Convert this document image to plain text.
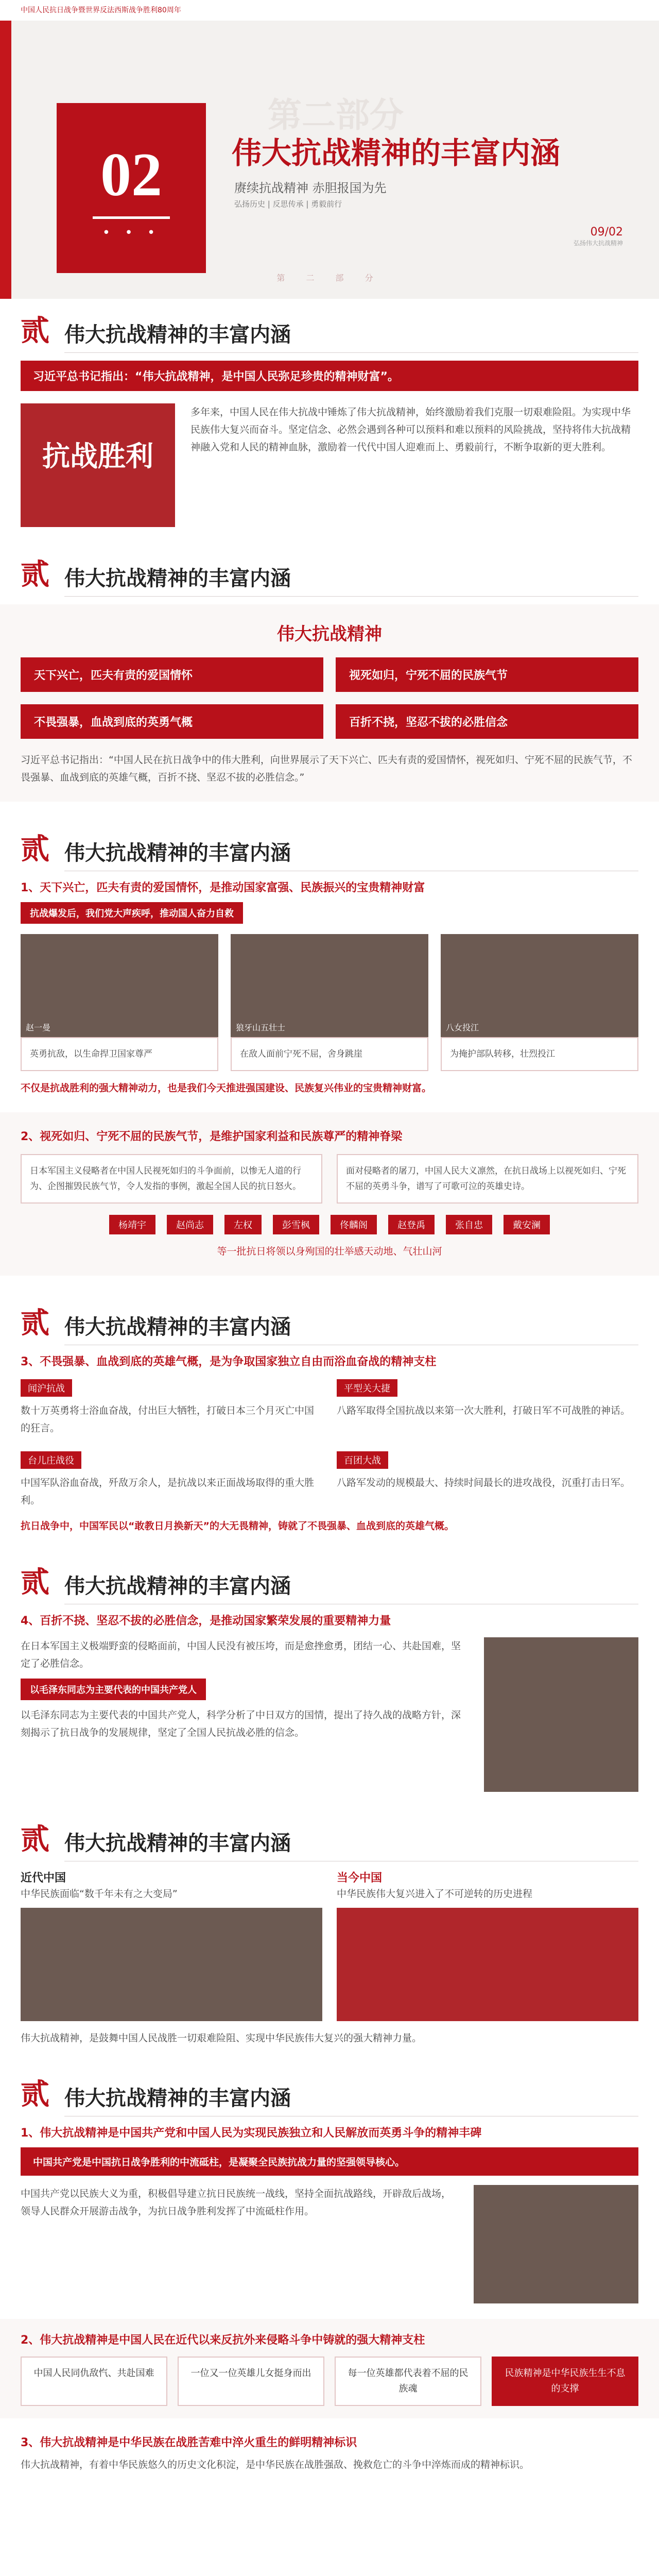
中国人民抗日战争暨世界反法西斯战争胜利80周年
02
• • •
第二部分
伟大抗战精神的丰富内涵
赓续抗战精神 赤胆报国为先
弘扬历史 | 反思传承 | 勇毅前行
09/02
弘扬伟大抗战精神
第 二 部 分
贰 伟大抗战精神的丰富内涵
习近平总书记指出：“伟大抗战精神，是中国人民弥足珍贵的精神财富”。
抗战胜利
多年来，中国人民在伟大抗战中锤炼了伟大抗战精神，始终激励着我们克服一切艰难险阻。为实现中华民族伟大复兴而奋斗。坚定信念、必然会遇到各种可以预料和难以预料的风险挑战，坚持将伟大抗战精神融入党和人民的精神血脉，激励着一代代中国人迎难而上、勇毅前行，不断争取新的更大胜利。
贰 伟大抗战精神的丰富内涵
伟大抗战精神
天下兴亡，匹夫有责的爱国情怀	视死如归，宁死不屈的民族气节
不畏强暴，血战到底的英勇气概	百折不挠，坚忍不拔的必胜信念
习近平总书记指出：“中国人民在抗日战争中的伟大胜利，向世界展示了天下兴亡、匹夫有责的爱国情怀，视死如归、宁死不屈的民族气节，不畏强暴、血战到底的英雄气概，百折不挠、坚忍不拔的必胜信念。”
贰 伟大抗战精神的丰富内涵
1、天下兴亡，匹夫有责的爱国情怀，是推动国家富强、民族振兴的宝贵精神财富
抗战爆发后，我们党大声疾呼，推动国人奋力自救
赵一曼
英勇抗敌，以生命捍卫国家尊严
狼牙山五壮士
在敌人面前宁死不屈，舍身跳崖
八女投江
为掩护部队转移，壮烈投江
不仅是抗战胜利的强大精神动力，也是我们今天推进强国建设、民族复兴伟业的宝贵精神财富。
2、视死如归、宁死不屈的民族气节，是维护国家利益和民族尊严的精神脊梁
日本军国主义侵略者在中国人民视死如归的斗争面前，以惨无人道的行为、企图摧毁民族气节，令人发指的事例，激起全国人民的抗日怒火。
面对侵略者的屠刀，中国人民大义凛然，在抗日战场上以视死如归、宁死不屈的英勇斗争，谱写了可歌可泣的英雄史诗。
杨靖宇	赵尚志	左权	彭雪枫	佟麟阁	赵登禹	张自忠	戴安澜
等一批抗日将领以身殉国的壮举感天动地、气壮山河
贰 伟大抗战精神的丰富内涵
3、不畏强暴、血战到底的英雄气概，是为争取国家独立自由而浴血奋战的精神支柱
闻沪抗战
数十万英勇将士浴血奋战，付出巨大牺牲，打破日本三个月灭亡中国的狂言。
平型关大捷
八路军取得全国抗战以来第一次大胜利，打破日军不可战胜的神话。
台儿庄战役
中国军队浴血奋战，歼敌万余人，是抗战以来正面战场取得的重大胜利。
百团大战
八路军发动的规模最大、持续时间最长的进攻战役，沉重打击日军。
抗日战争中，中国军民以“敢教日月换新天”的大无畏精神，铸就了不畏强暴、血战到底的英雄气概。
贰 伟大抗战精神的丰富内涵
4、百折不挠、坚忍不拔的必胜信念，是推动国家繁荣发展的重要精神力量
在日本军国主义极端野蛮的侵略面前，中国人民没有被压垮，而是愈挫愈勇，团结一心、共赴国难，坚定了必胜信念。
以毛泽东同志为主要代表的中国共产党人
以毛泽东同志为主要代表的中国共产党人，科学分析了中日双方的国情，提出了持久战的战略方针，深刻揭示了抗日战争的发展规律，坚定了全国人民抗战必胜的信念。
贰 伟大抗战精神的丰富内涵
近代中国
中华民族面临“数千年未有之大变局”
当今中国
中华民族伟大复兴进入了不可逆转的历史进程
伟大抗战精神，是鼓舞中国人民战胜一切艰难险阻、实现中华民族伟大复兴的强大精神力量。
贰 伟大抗战精神的丰富内涵
1、伟大抗战精神是中国共产党和中国人民为实现民族独立和人民解放而英勇斗争的精神丰碑
中国共产党是中国抗日战争胜利的中流砥柱，是凝聚全民族抗战力量的坚强领导核心。
中国共产党以民族大义为重，积极倡导建立抗日民族统一战线，坚持全面抗战路线，开辟敌后战场，领导人民群众开展游击战争，为抗日战争胜利发挥了中流砥柱作用。
2、伟大抗战精神是中国人民在近代以来反抗外来侵略斗争中铸就的强大精神支柱
中国人民同仇敌忾、共赴国难	一位又一位英雄儿女挺身而出	每一位英雄都代表着不屈的民族魂
民族精神是中华民族生生不息的支撑
3、伟大抗战精神是中华民族在战胜苦难中淬火重生的鲜明精神标识
伟大抗战精神，有着中华民族悠久的历史文化积淀，是中华民族在战胜强敌、挽救危亡的斗争中淬炼而成的精神标识。
